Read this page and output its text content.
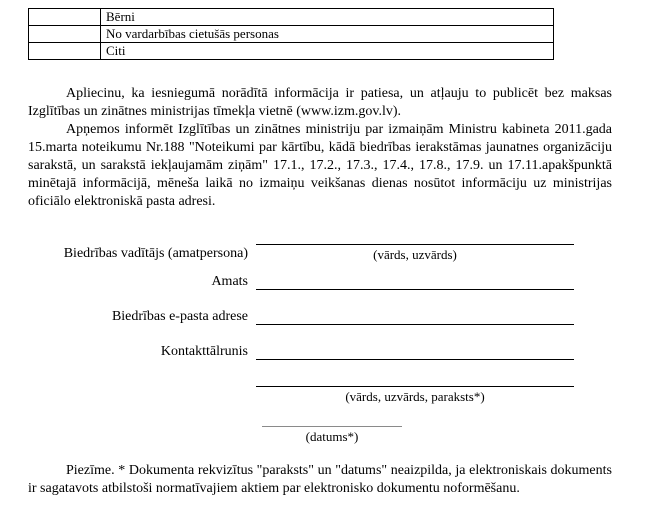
	Bērni
	No vardarbības cietušās personas
	Citi

Apliecinu, ka iesniegumā norādītā informācija ir patiesa, un atļauju to publicēt bez maksas Izglītības un zinātnes ministrijas tīmekļa vietnē (www.izm.gov.lv).

Apņemos informēt Izglītības un zinātnes ministriju par izmaiņām Ministru kabineta 2011.gada 15.marta noteikumu Nr.188 "Noteikumi par kārtību, kādā biedrības ierakstāmas jaunatnes organizāciju sarakstā, un sarakstā iekļaujamām ziņām" 17.1., 17.2., 17.3., 17.4., 17.8., 17.9. un 17.11.apakšpunktā minētajā informācijā, mēneša laikā no izmaiņu veikšanas dienas nosūtot informāciju uz ministrijas oficiālo elektroniskā pasta adresi.

Biedrības vadītājs (amatpersona)	(vārds, uzvārds)
Amats
Biedrības e-pasta adrese
Kontakttālrunis
(vārds, uzvārds, paraksts*)
(datums*)

Piezīme. * Dokumenta rekvizītus "paraksts" un "datums" neaizpilda, ja elektroniskais dokuments ir sagatavots atbilstoši normatīvajiem aktiem par elektronisko dokumentu noformēšanu.
